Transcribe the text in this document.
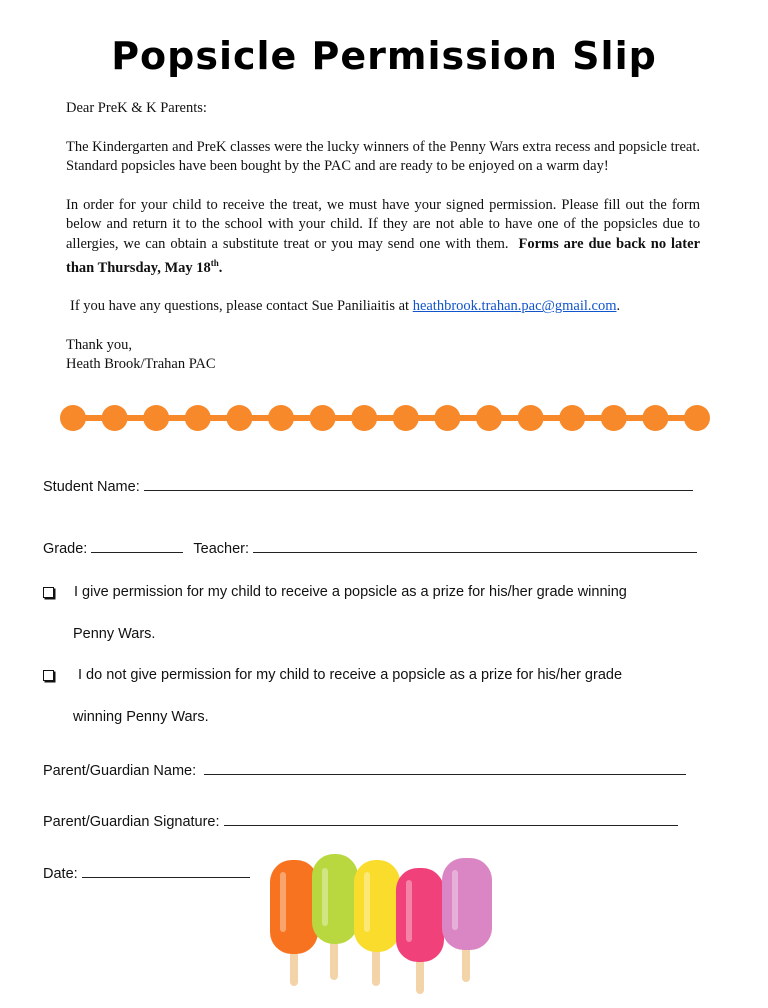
Popsicle Permission Slip

Dear PreK & K Parents:

The Kindergarten and PreK classes were the lucky winners of the Penny Wars extra recess and popsicle treat. Standard popsicles have been bought by the PAC and are ready to be enjoyed on a warm day!

In order for your child to receive the treat, we must have your signed permission. Please fill out the form below and return it to the school with your child. If they are not able to have one of the popsicles due to allergies, we can obtain a substitute treat or you may send one with them. Forms are due back no later than Thursday, May 18th.

If you have any questions, please contact Sue Paniliaitis at heathbrook.trahan.pac@gmail.com.

Thank you,

Heath Brook/Trahan PAC

Student Name:
Grade:	Teacher:
I give permission for my child to receive a popsicle as a prize for his/her grade winning
Penny Wars.
I do not give permission for my child to receive a popsicle as a prize for his/her grade
winning Penny Wars.
Parent/Guardian Name:
Parent/Guardian Signature:
Date:
